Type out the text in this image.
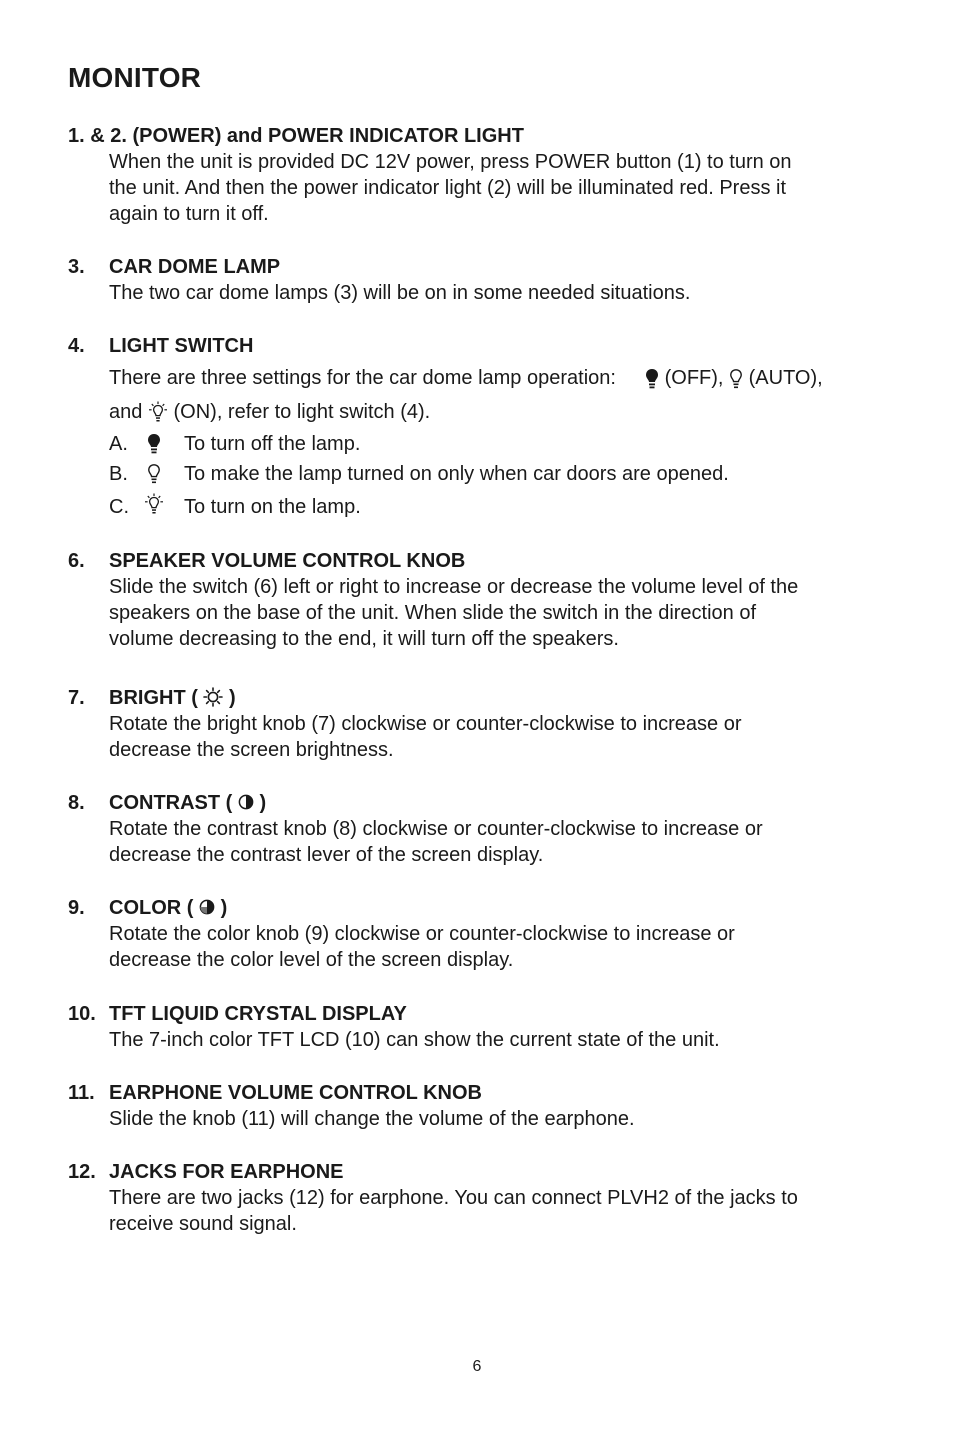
MONITOR
1. & 2. (POWER) and POWER INDICATOR LIGHT
When the unit is provided DC 12V power, press POWER button (1) to turn on
the unit. And then the power indicator light (2) will be illuminated red. Press it
again to turn it off.
3. CAR DOME LAMP
The two car dome lamps (3) will be on in some needed situations.
4. LIGHT SWITCH
There are three settings for the car dome lamp operation: (OFF), (AUTO),
and (ON), refer to light switch (4).
A.	To turn off the lamp.
B.	To make the lamp turned on only when car doors are opened.
C.	To turn on the lamp.
6. SPEAKER VOLUME CONTROL KNOB
Slide the switch (6) left or right to increase or decrease the volume level of the
speakers on the base of the unit. When slide the switch in the direction of
volume decreasing to the end, it will turn off the speakers.
7. BRIGHT ( )
Rotate the bright knob (7) clockwise or counter-clockwise to increase or
decrease the screen brightness.
8. CONTRAST ( )
Rotate the contrast knob (8) clockwise or counter-clockwise to increase or
decrease the contrast lever of the screen display.
9. COLOR ( )
Rotate the color knob (9) clockwise or counter-clockwise to increase or
decrease the color level of the screen display.
10. TFT LIQUID CRYSTAL DISPLAY
The 7-inch color TFT LCD (10) can show the current state of the unit.
11. EARPHONE VOLUME CONTROL KNOB
Slide the knob (11) will change the volume of the earphone.
12. JACKS FOR EARPHONE
There are two jacks (12) for earphone. You can connect PLVH2 of the jacks to
receive sound signal.
6
